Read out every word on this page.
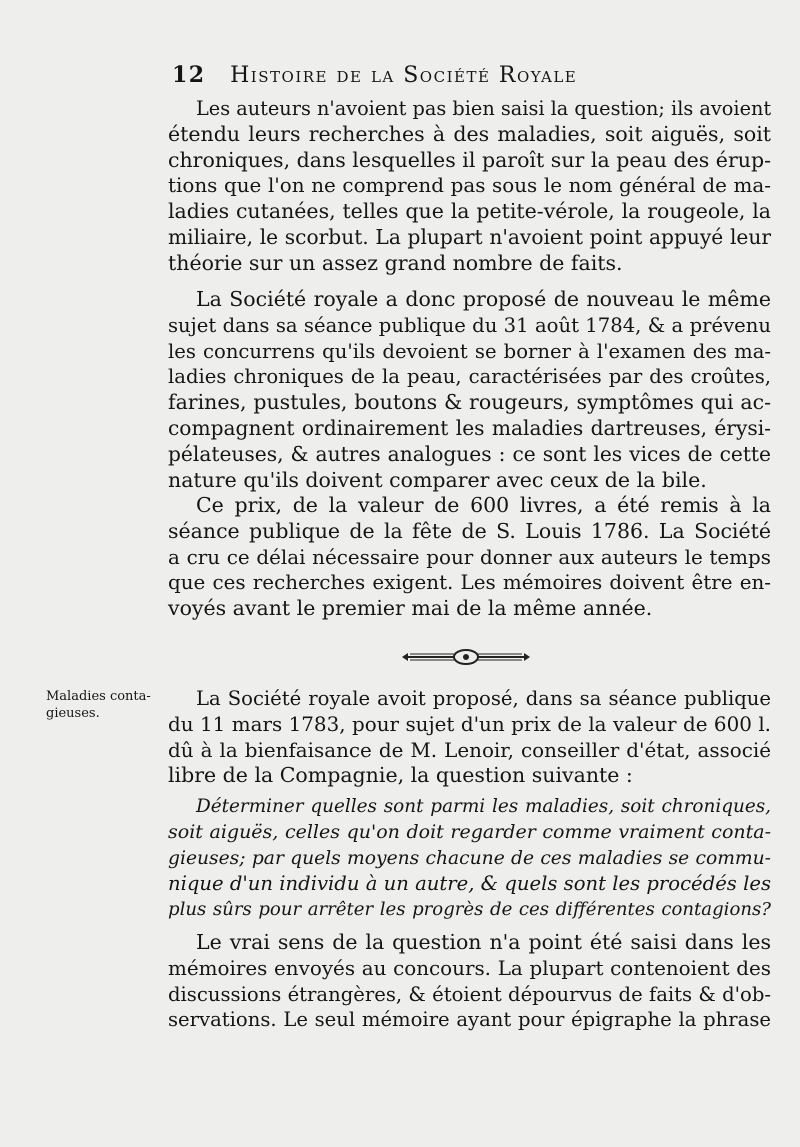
12 Histoire de la Société Royale
Les auteurs n'avoient pas bien saisi la question; ils avoient
étendu leurs recherches à des maladies, soit aiguës, soit
chroniques, dans lesquelles il paroît sur la peau des érup-
tions que l'on ne comprend pas sous le nom général de ma-
ladies cutanées, telles que la petite-vérole, la rougeole, la
miliaire, le scorbut. La plupart n'avoient point appuyé leur
théorie sur un assez grand nombre de faits.
La Société royale a donc proposé de nouveau le même
sujet dans sa séance publique du 31 août 1784, & a prévenu
les concurrens qu'ils devoient se borner à l'examen des ma-
ladies chroniques de la peau, caractérisées par des croûtes,
farines, pustules, boutons & rougeurs, symptômes qui ac-
compagnent ordinairement les maladies dartreuses, érysi-
pélateuses, & autres analogues : ce sont les vices de cette
nature qu'ils doivent comparer avec ceux de la bile.
Ce prix, de la valeur de 600 livres, a été remis à la
séance publique de la fête de S. Louis 1786. La Société
a cru ce délai nécessaire pour donner aux auteurs le temps
que ces recherches exigent. Les mémoires doivent être en-
voyés avant le premier mai de la même année.
Maladies conta-
gieuses.
La Société royale avoit proposé, dans sa séance publique
du 11 mars 1783, pour sujet d'un prix de la valeur de 600 l.
dû à la bienfaisance de M. Lenoir, conseiller d'état, associé
libre de la Compagnie, la question suivante :
Déterminer quelles sont parmi les maladies, soit chroniques,
soit aiguës, celles qu'on doit regarder comme vraiment conta-
gieuses; par quels moyens chacune de ces maladies se commu-
nique d'un individu à un autre, & quels sont les procédés les
plus sûrs pour arrêter les progrès de ces différentes contagions?
Le vrai sens de la question n'a point été saisi dans les
mémoires envoyés au concours. La plupart contenoient des
discussions étrangères, & étoient dépourvus de faits & d'ob-
servations. Le seul mémoire ayant pour épigraphe la phrase
